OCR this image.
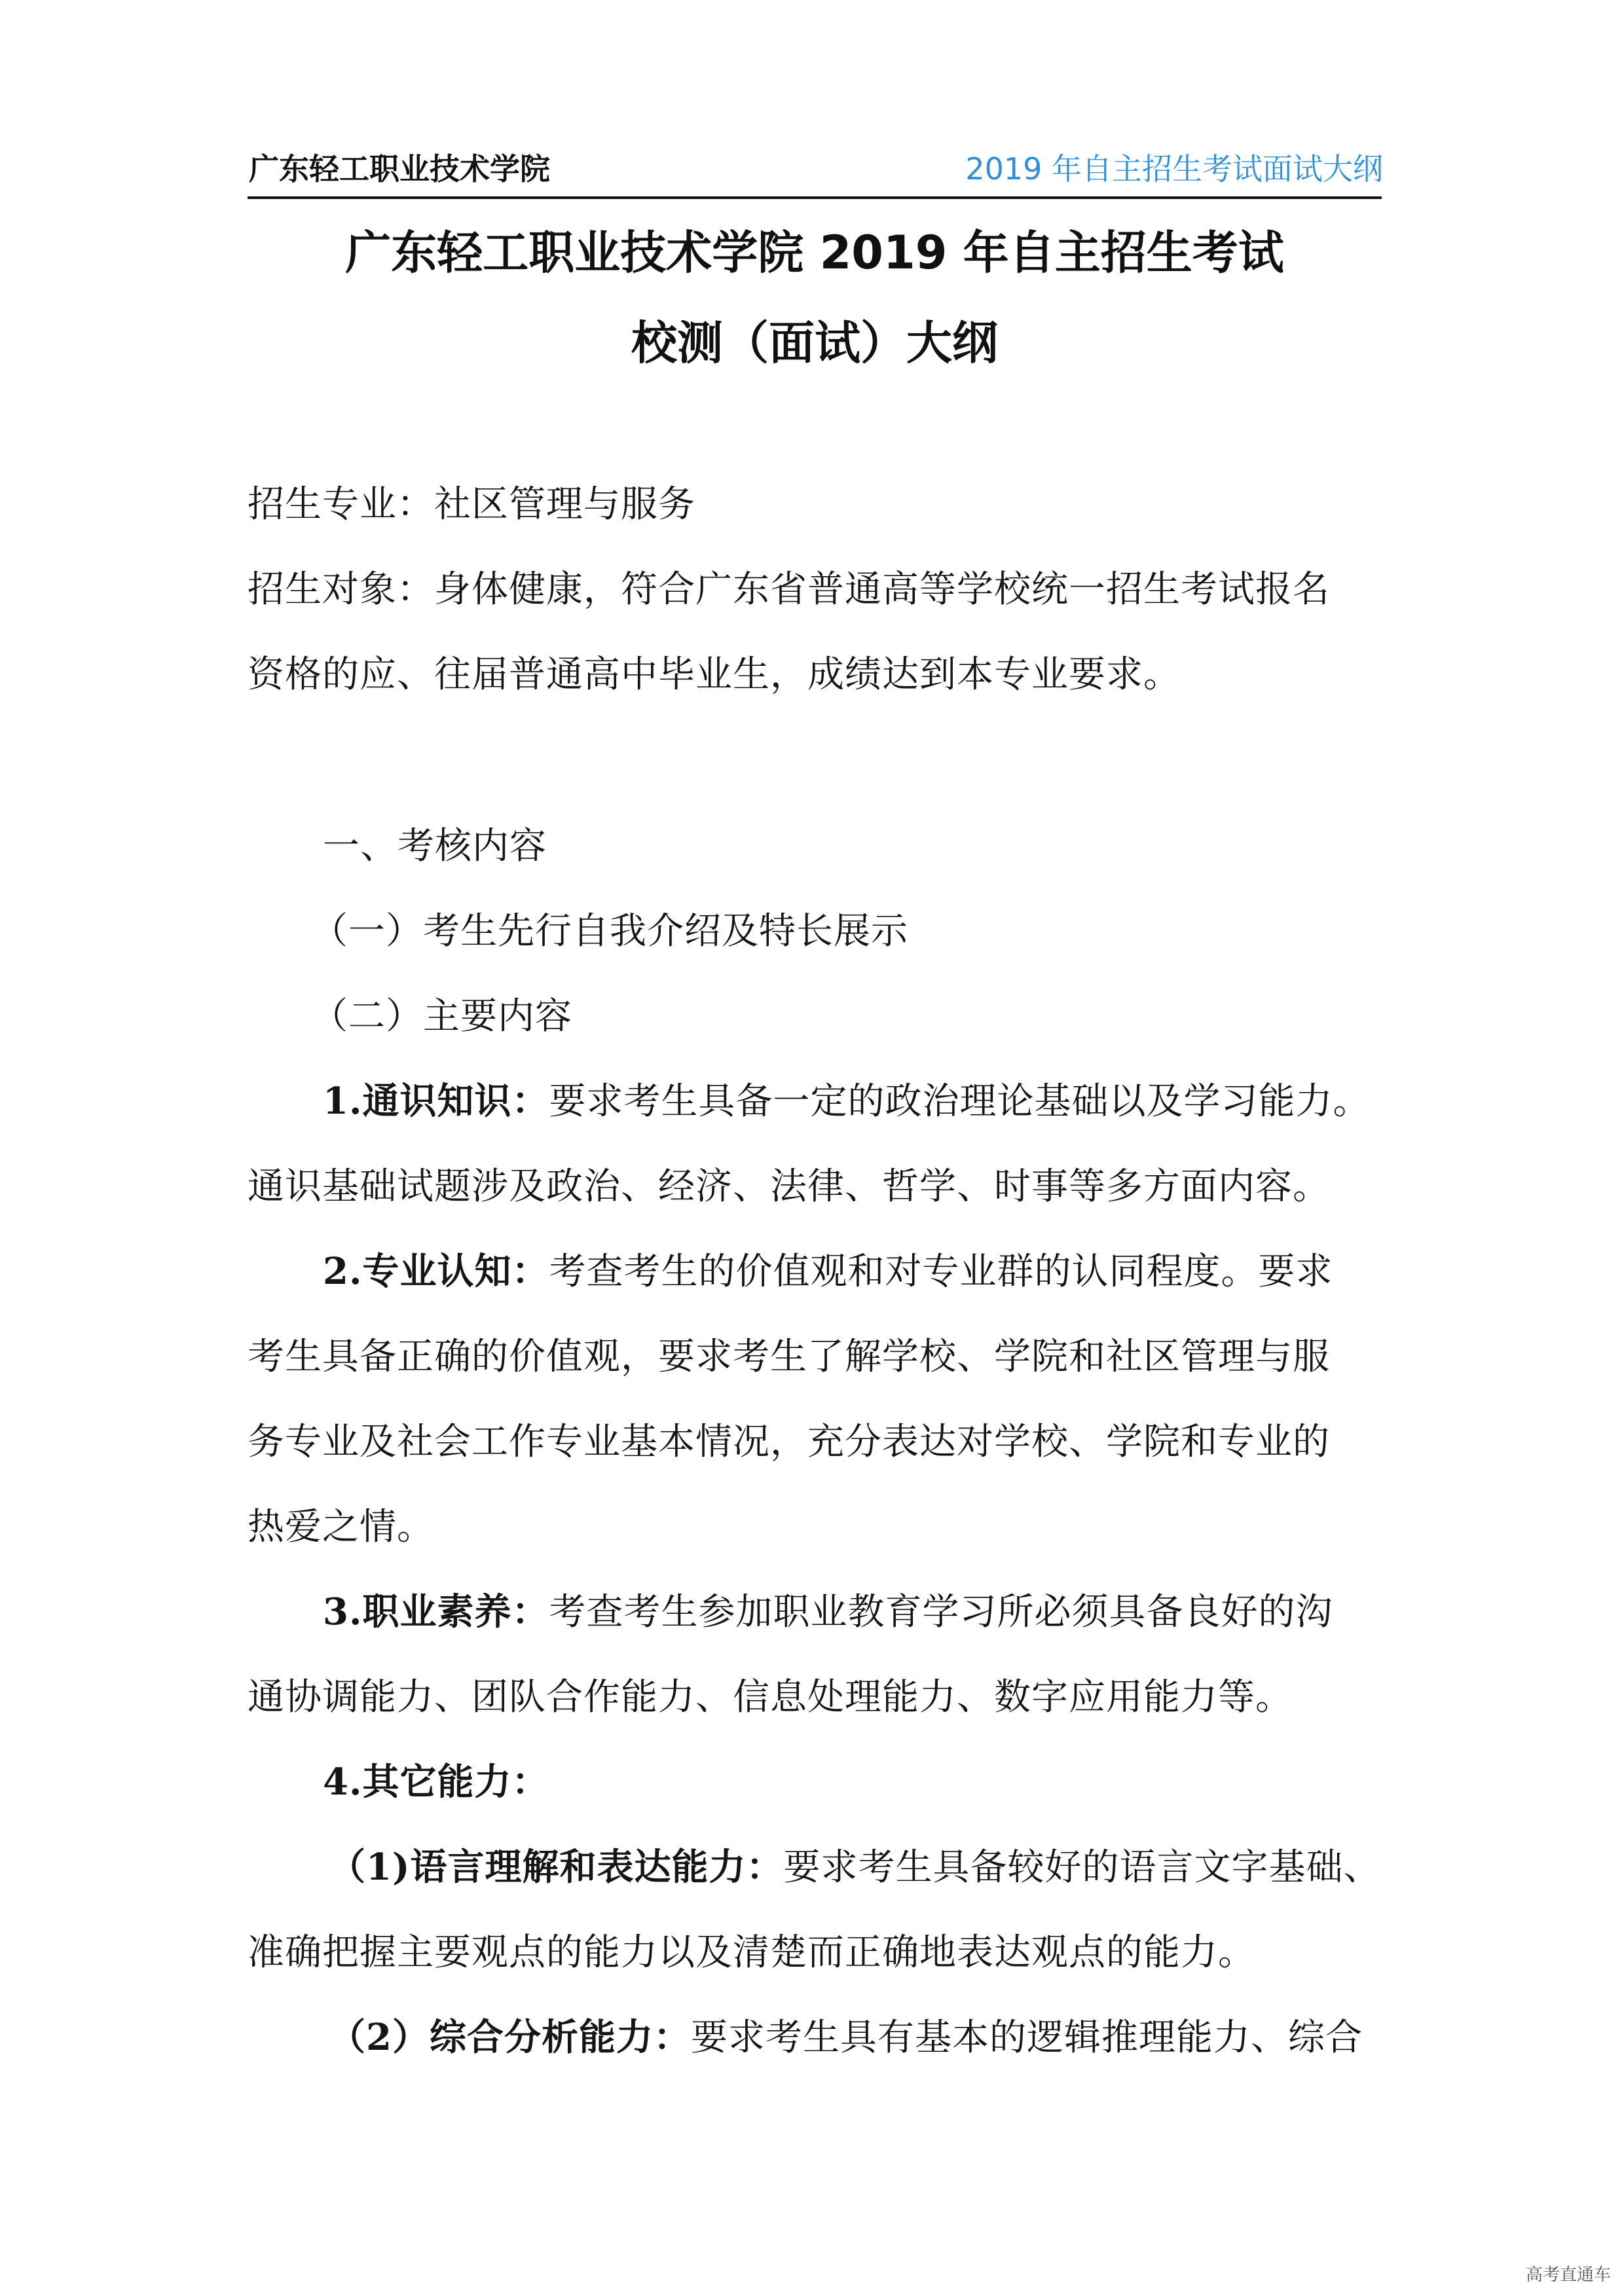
广东轻工职业技术学院	2019 年自主招生考试面试大纲
广东轻工职业技术学院 2019 年自主招生考试
校测（面试）大纲
招生专业：社区管理与服务
招生对象：身体健康，符合广东省普通高等学校统一招生考试报名
资格的应、往届普通高中毕业生，成绩达到本专业要求。
一、考核内容
（一）考生先行自我介绍及特长展示
（二）主要内容
1.通识知识：要求考生具备一定的政治理论基础以及学习能力。
通识基础试题涉及政治、经济、法律、哲学、时事等多方面内容。
2.专业认知：考查考生的价值观和对专业群的认同程度。要求
考生具备正确的价值观，要求考生了解学校、学院和社区管理与服
务专业及社会工作专业基本情况，充分表达对学校、学院和专业的
热爱之情。
3.职业素养：考查考生参加职业教育学习所必须具备良好的沟
通协调能力、团队合作能力、信息处理能力、数字应用能力等。
4.其它能力：
（1)语言理解和表达能力：要求考生具备较好的语言文字基础、
准确把握主要观点的能力以及清楚而正确地表达观点的能力。
（2）综合分析能力：要求考生具有基本的逻辑推理能力、综合
高考直通车
